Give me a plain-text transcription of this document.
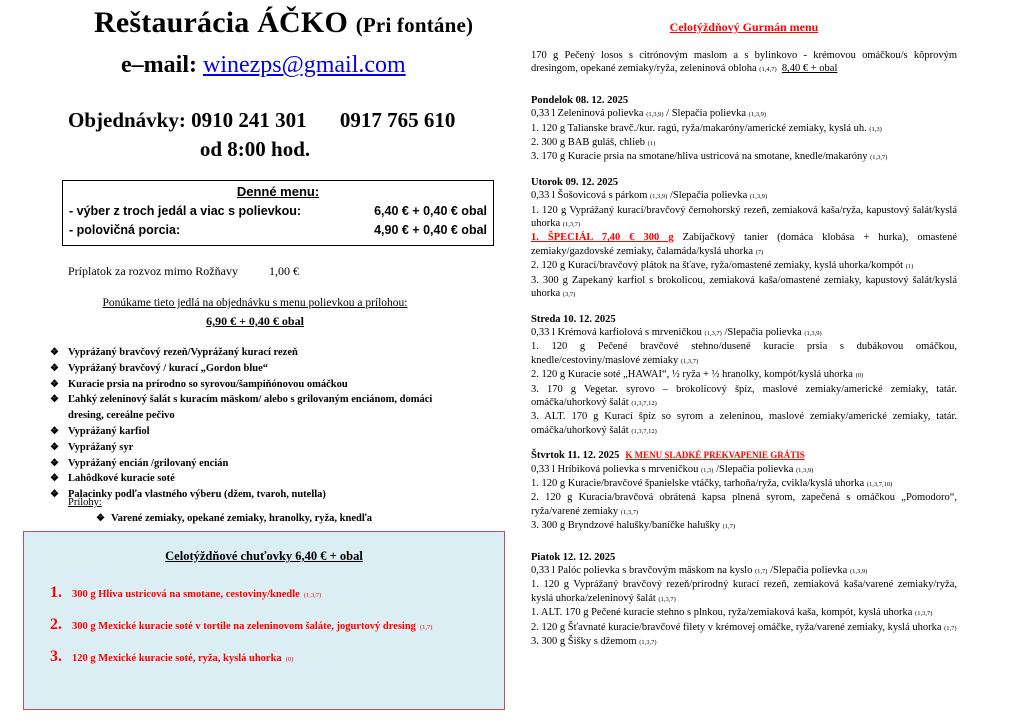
Reštaurácia ÁČKO (Pri fontáne)
e–mail: winezps@gmail.com
Objednávky: 0910 241 301 0917 765 610
od 8:00 hod.
Denné menu:
- výber z troch jedál a viac s polievkou:	6,40 € + 0,40 € obal
- polovičná porcia:	4,90 € + 0,40 € obal
Príplatok za rozvoz mimo Rožňavy	1,00 €
Ponúkame tieto jedlá na objednávku s menu polievkou a prílohou:
6,90 € + 0,40 € obal
❖ Vyprážaný bravčový rezeň/Vyprážaný kurací rezeň
❖ Vyprážaný bravčový / kurací „Gordon blue“
❖ Kuracie prsia na prírodno so syrovou/šampiňónovou omáčkou
❖ Ľahký zeleninový šalát s kuracím mäskom/ alebo s grilovaným enciánom, domáci dresing, cereálne pečivo
❖ Vyprážaný karfiol
❖ Vyprážaný syr
❖ Vyprážaný encián /grilovaný encián
❖ Lahôdkové kuracie soté
❖ Palacinky podľa vlastného výberu (džem, tvaroh, nutella)
Prílohy:
❖ Varené zemiaky, opekané zemiaky, hranolky, ryža, knedľa
Celotýždňové chuťovky 6,40 € + obal
1. 300 g Hliva ustricová na smotane, cestoviny/knedle (1,3,7)
2. 300 g Mexické kuracie soté v tortile na zeleninovom šaláte, jogurtový dresing (1,7)
3. 120 g Mexické kuracie soté, ryža, kyslá uhorka (0)
Celotýždňový Gurmán menu

170 g Pečený losos s citrónovým maslom a s bylinkovo - krémovou omáčkou/s kôprovým dresingom, opekané zemiaky/ryža, zeleninová obloha (1,4,7) 8,40 € + obal

Pondelok 08. 12. 2025

0,33 l Zeleninová polievka (1,3,9) / Slepačia polievka (1,3,9)

1. 120 g Talianske bravč./kur. ragú, ryža/makaróny/americké zemiaky, kyslá uh. (1,3)

2. 300 g BAB guláš, chlieb (1)

3. 170 g Kuracie prsia na smotane/hliva ustricová na smotane, knedle/makaróny (1,3,7)

Utorok 09. 12. 2025

0,33 l Šošovicová s párkom (1,3,9) /Slepačia polievka (1,3,9)

1. 120 g Vyprážaný kurací/bravčový černohorský rezeň, zemiaková kaša/ryža, kapustový šalát/kyslá uhorka (1,3,7)

1. ŠPECIÁL 7,40 € 300 g Zabíjačkový tanier (domáca klobása + hurka), omastené zemiaky/gazdovské zemiaky, čalamáda/kyslá uhorka (7)

2. 120 g Kurací/bravčový plátok na šťave, ryža/omastené zemiaky, kyslá uhorka/kompót (1)

3. 300 g Zapekaný karfiol s brokolicou, zemiaková kaša/omastené zemiaky, kapustový šalát/kyslá uhorka (3,7)

Streda 10. 12. 2025

0,33 l Krémová karfiolová s mrveničkou (1,3,7) /Slepačia polievka (1,3,9)

1. 120 g Pečené bravčové stehno/dusené kuracie prsia s dubákovou omáčkou, knedle/cestoviny/maslové zemiaky (1,3,7)

2. 120 g Kuracie soté „HAWAI“, ½ ryža + ½ hranolky, kompót/kyslá uhorka (0)

3. 170 g Vegetar. syrovo – brokolicový špíz, maslové zemiaky/americké zemiaky, tatár. omáčka/uhorkový šalát (1,3,7,12)

3. ALT. 170 g Kurací špíz so syrom a zeleninou, maslové zemiaky/americké zemiaky, tatár. omáčka/uhorkový šalát (1,3,7,12)

Štvrtok 11. 12. 2025 K MENU SLADKÉ PREKVAPENIE GRÁTIS

0,33 l Hríbiková polievka s mrveničkou (1,3) /Slepačia polievka (1,3,9)

1. 120 g Kuracie/bravčové španielske vtáčky, tarhoňa/ryža, cvikla/kyslá uhorka (1,3,7,10)

2. 120 g Kuracia/bravčová obrátená kapsa plnená syrom, zapečená s omáčkou „Pomodoro“, ryža/varené zemiaky (1,3,7)

3. 300 g Bryndzové halušky/baníčke halušky (1,7)

Piatok 12. 12. 2025

0,33 l Palóc polievka s bravčovým mäskom na kyslo (1,7) /Slepačia polievka (1,3,9)

1. 120 g Vyprážaný bravčový rezeň/prírodný kurací rezeň, zemiaková kaša/varené zemiaky/ryža, kyslá uhorka/zeleninový šalát (1,3,7)

1. ALT. 170 g Pečené kuracie stehno s plnkou, ryža/zemiaková kaša, kompót, kyslá uhorka (1,3,7)

2. 120 g Šťavnaté kuracie/bravčové filety v krémovej omáčke, ryža/varené zemiaky, kyslá uhorka (1,7)

3. 300 g Šišky s džemom (1,3,7)
